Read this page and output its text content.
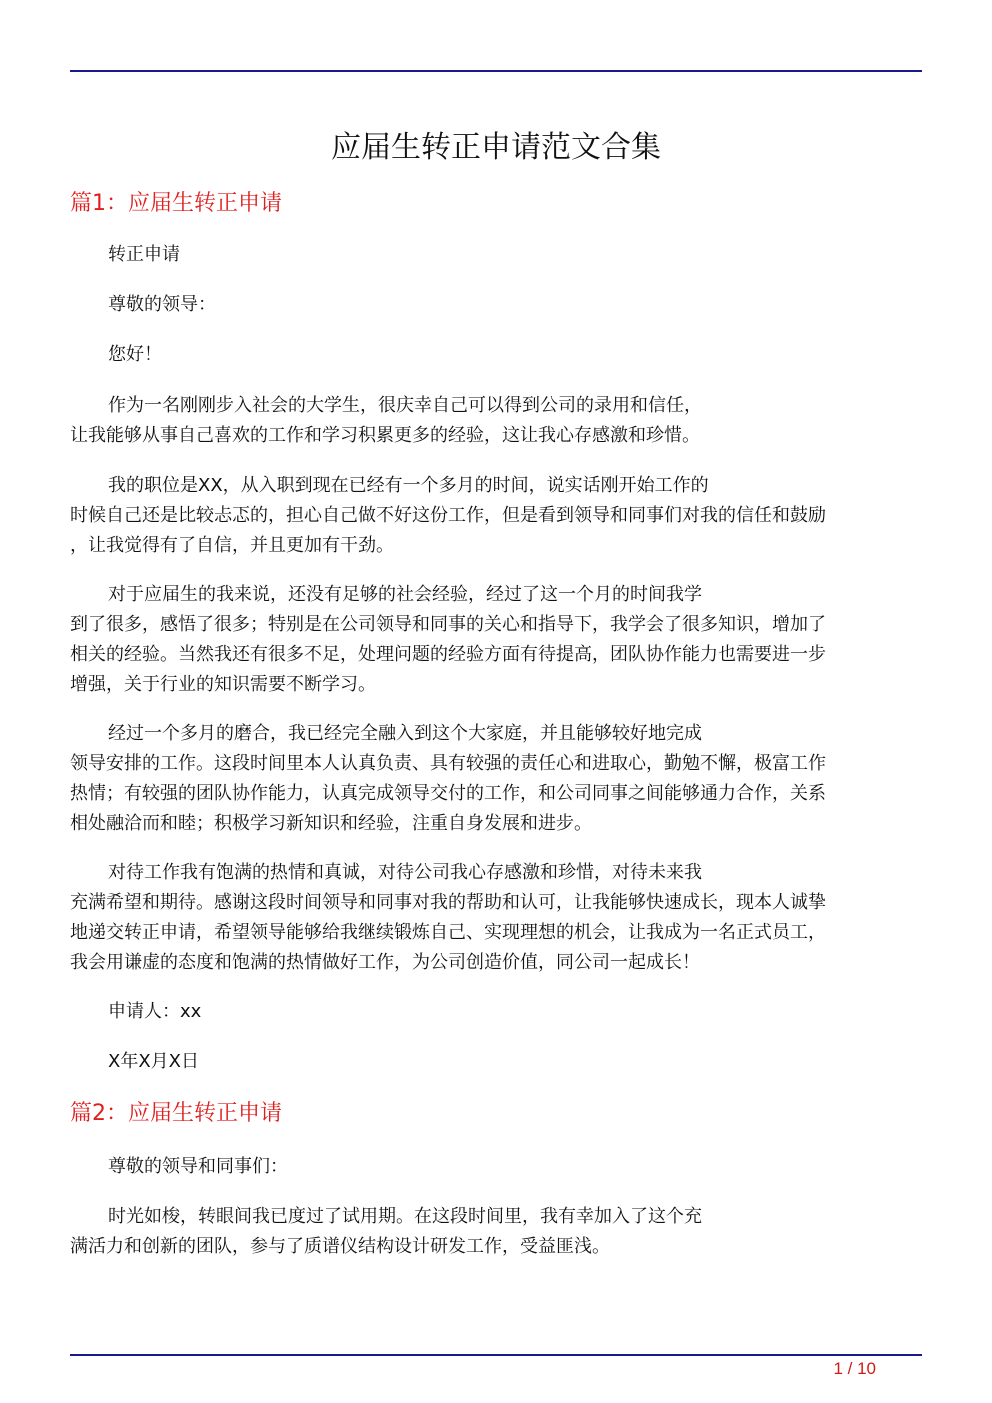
应届生转正申请范文合集
篇1：应届生转正申请

转正申请

尊敬的领导：

您好！

作为一名刚刚步入社会的大学生，很庆幸自己可以得到公司的录用和信任，
让我能够从事自己喜欢的工作和学习积累更多的经验，这让我心存感激和珍惜。

我的职位是XX，从入职到现在已经有一个多月的时间，说实话刚开始工作的
时候自己还是比较忐忑的，担心自己做不好这份工作，但是看到领导和同事们对我的信任和鼓励
，让我觉得有了自信，并且更加有干劲。

对于应届生的我来说，还没有足够的社会经验，经过了这一个月的时间我学
到了很多，感悟了很多；特别是在公司领导和同事的关心和指导下，我学会了很多知识，增加了
相关的经验。当然我还有很多不足，处理问题的经验方面有待提高，团队协作能力也需要进一步
增强，关于行业的知识需要不断学习。

经过一个多月的磨合，我已经完全融入到这个大家庭，并且能够较好地完成
领导安排的工作。这段时间里本人认真负责、具有较强的责任心和进取心，勤勉不懈，极富工作
热情；有较强的团队协作能力，认真完成领导交付的工作，和公司同事之间能够通力合作，关系
相处融洽而和睦；积极学习新知识和经验，注重自身发展和进步。

对待工作我有饱满的热情和真诚，对待公司我心存感激和珍惜，对待未来我
充满希望和期待。感谢这段时间领导和同事对我的帮助和认可，让我能够快速成长，现本人诚挚
地递交转正申请，希望领导能够给我继续锻炼自己、实现理想的机会，让我成为一名正式员工，
我会用谦虚的态度和饱满的热情做好工作，为公司创造价值，同公司一起成长！

申请人：xx

X年X月X日

篇2：应届生转正申请

尊敬的领导和同事们：

时光如梭，转眼间我已度过了试用期。在这段时间里，我有幸加入了这个充
满活力和创新的团队，参与了质谱仪结构设计研发工作，受益匪浅。

1 / 10
